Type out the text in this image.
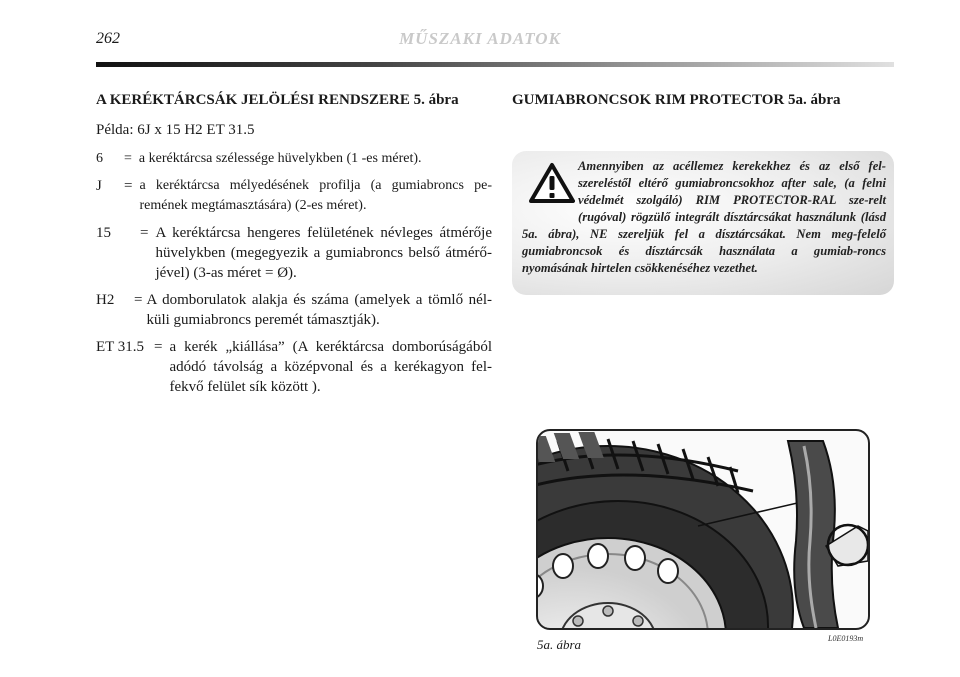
262	MŰSZAKI ADATOK
A KERÉKTÁRCSÁK JELÖLÉSI RENDSZERE 5. ábra
Példa: 6J x 15 H2 ET 31.5
6	= a keréktárcsa szélessége hüvelykben (1 -es méret).
J	= a keréktárcsa mélyedésének profilja (a gumiabroncs pe-remének megtámasztására) (2-es méret).
15	= A keréktárcsa hengeres felületének névleges átmérője hüvelykben (megegyezik a gumiabroncs belső átmérő-jével) (3-as méret = Ø).
H2	= A domborulatok alakja és száma (amelyek a tömlő nél-küli gumiabroncs peremét támasztják).
ET 31.5 = a kerék „kiállása” (A keréktárcsa domborúságából adódó távolság a középvonal és a kerékagyon fel-fekvő felület sík között ).
GUMIABRONCSOK RIM PROTECTOR 5a. ábra
Amennyiben az acéllemez kerekekhez és az első fel-szereléstől eltérő gumiabroncsokhoz after sale, (a felni védelmét szolgáló) RIM PROTECTOR-RAL sze-relt (rugóval) rögzülő integrált dísztárcsákat használunk (lásd 5a. ábra), NE szereljük fel a dísztárcsákat. Nem meg-felelő gumiabroncsok és dísztárcsák használata a gumiab-roncs nyomásának hirtelen csökkenéséhez vezethet.
5a. ábra	L0E0193m
